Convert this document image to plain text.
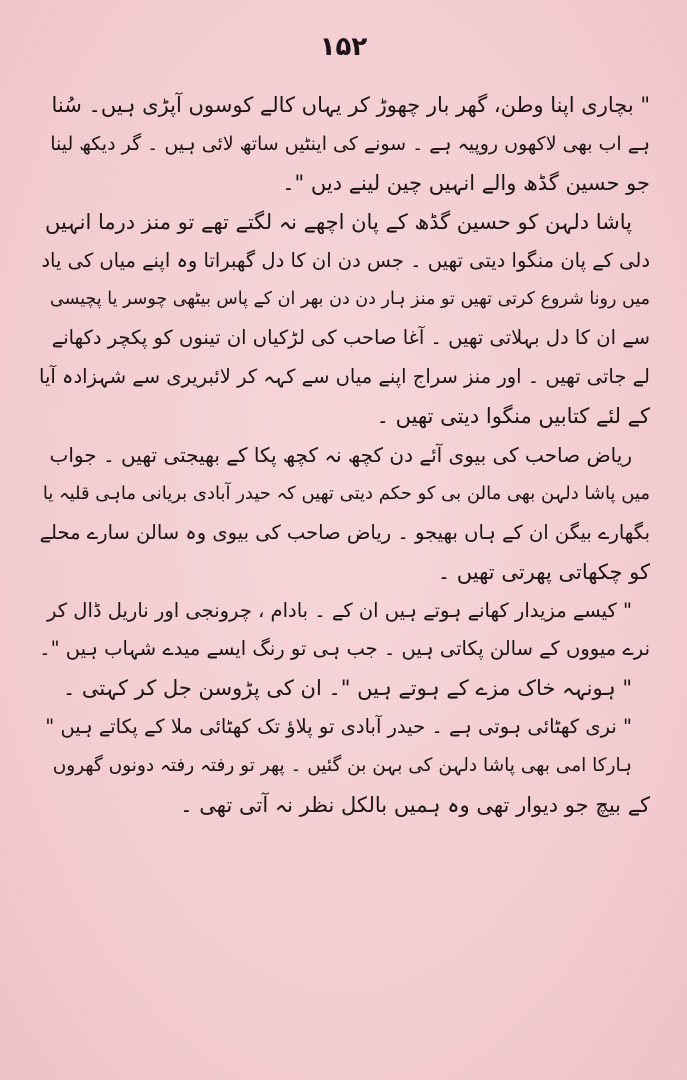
۱۵۲
" بچاری اپنا وطن، گھر بار چھوڑ کر یہاں کالے کوسوں آپڑی ہیں۔ سُنا
ہے اب بھی لاکھوں روپیہ ہے ۔ سونے کی اینٹیں ساتھ لائی ہیں ۔ گر دیکھ لینا
جو حسین گڈھ والے انہیں چین لینے دیں "۔
پاشا دلہن کو حسین گڈھ کے پان اچھے نہ لگتے تھے تو منز درما انہیں
دلی کے پان منگوا دیتی تھیں ۔ جس دن ان کا دل گھبراتا وہ اپنے میاں کی یاد
میں رونا شروع کرتی تھیں تو منز ہار دن دن بھر ان کے پاس بیٹھی چوسر یا پچیسی
سے ان کا دل بہلاتی تھیں ۔ آغا صاحب کی لڑکیاں ان تینوں کو پکچر دکھانے
لے جاتی تھیں ۔ اور منز سراج اپنے میاں سے کہہ کر لائبریری سے شہزادہ آیا
کے لئے کتابیں منگوا دیتی تھیں ۔
ریاض صاحب کی بیوی آئے دن کچھ نہ کچھ پکا کے بھیجتی تھیں ۔ جواب
میں پاشا دلہن بھی مالن بی کو حکم دیتی تھیں کہ حیدر آبادی بریانی ماہی قلیہ یا
بگھارے بیگن ان کے ہاں بھیجو ۔ ریاض صاحب کی بیوی وہ سالن سارے محلے
کو چکھاتی پھرتی تھیں ۔
" کیسے مزیدار کھانے ہوتے ہیں ان کے ۔ بادام ، چرونجی اور ناریل ڈال کر
نرے میووں کے سالن پکاتی ہیں ۔ جب ہی تو رنگ ایسے میدے شہاب ہیں "۔
" ہونہہ خاک مزے کے ہوتے ہیں "۔ ان کی پڑوسن جل کر کہتی ۔
" نری کھٹائی ہوتی ہے ۔ حیدر آبادی تو پلاؤ تک کھٹائی ملا کے پکاتے ہیں "
ہارکا امی بھی پاشا دلہن کی بہن بن گئیں ۔ پھر تو رفتہ رفتہ دونوں گھروں
کے بیچ جو دیوار تھی وہ ہمیں بالکل نظر نہ آتی تھی ۔
